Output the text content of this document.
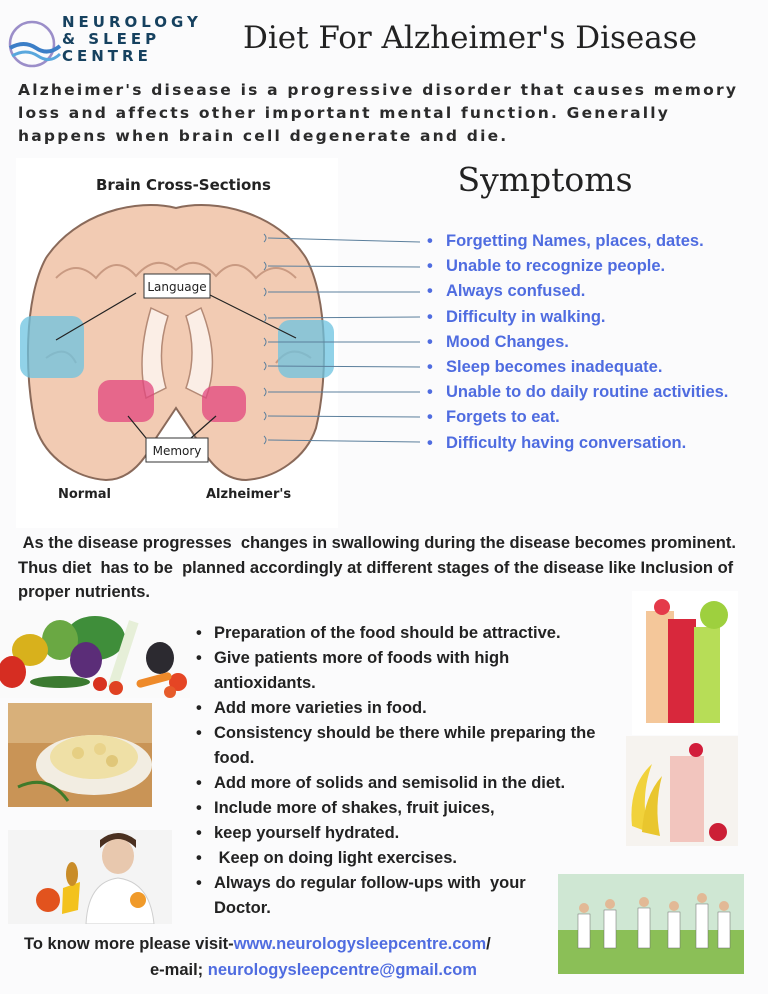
NEUROLOGY
& SLEEP
CENTRE	Diet For Alzheimer's Disease
Alzheimer's disease is a progressive disorder that causes memory loss and affects other important mental function. Generally happens when brain cell degenerate and die.
Brain Cross-Sections
Language
Memory
Normal	Alzheimer's
Symptoms
• Forgetting Names, places, dates.
• Unable to recognize people.
• Always confused.
• Difficulty in walking.
• Mood Changes.
• Sleep becomes inadequate.
• Unable to do daily routine activities.
• Forgets to eat.
• Difficulty having conversation.
As the disease progresses  changes in swallowing during the disease becomes prominent.  Thus diet  has to be  planned accordingly at different stages of the disease like Inclusion of  proper nutrients.
• Preparation of the food should be attractive.
• Give patients more of foods with high antioxidants.
• Add more varieties in food.
• Consistency should be there while preparing the food.
• Add more of solids and semisolid in the diet.
• Include more of shakes, fruit juices,
• keep yourself hydrated.
•  Keep on doing light exercises.
• Always do regular follow-ups with  your Doctor.
To know more please visit-www.neurologysleepcentre.com/
e-mail; neurologysleepcentre@gmail.com
